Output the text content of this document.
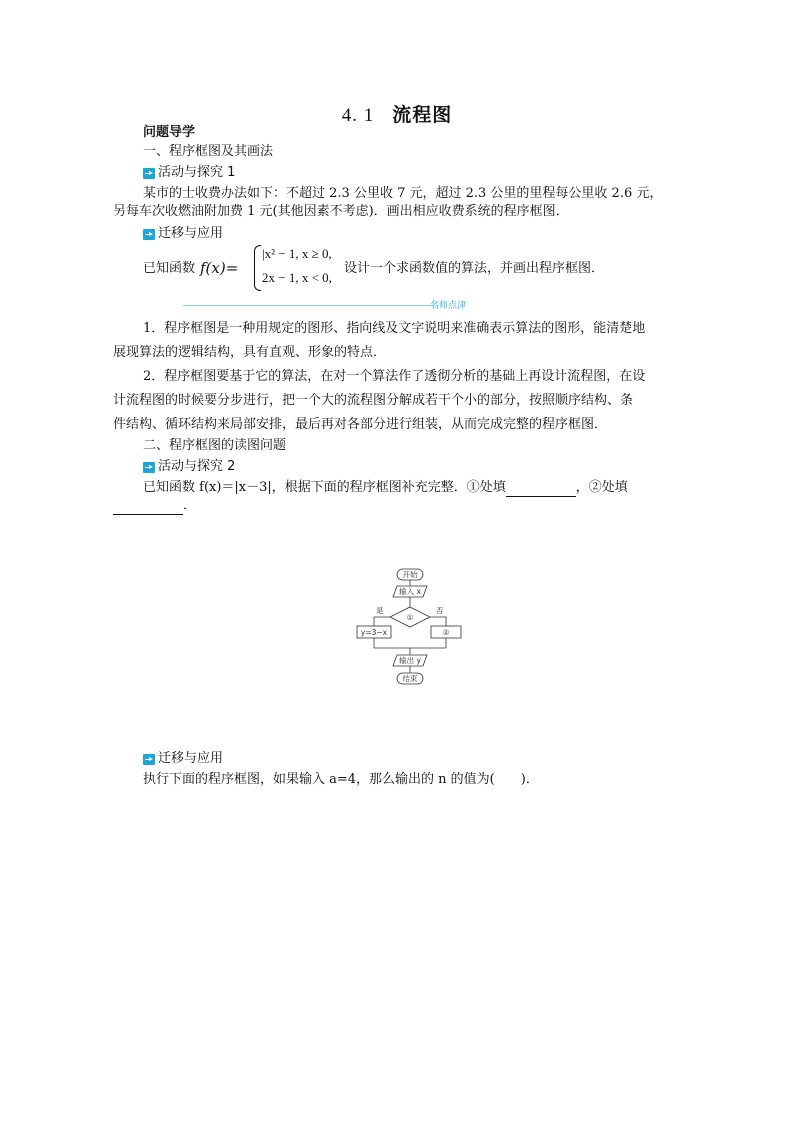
4. 1 流程图
问题导学
一、程序框图及其画法
活动与探究 1
某市的士收费办法如下：不超过 2.3 公里收 7 元，超过 2.3 公里的里程每公里收 2.6 元，
另每车次收燃油附加费 1 元(其他因素不考虑)．画出相应收费系统的程序框图．
迁移与应用
已知函数 f(x)=
|x² − 1, x ≥ 0,
2x − 1, x < 0,
设计一个求函数值的算法，并画出程序框图．
名师点津
1．程序框图是一种用规定的图形、指向线及文字说明来准确表示算法的图形，能清楚地
展现算法的逻辑结构，具有直观、形象的特点．
2．程序框图要基于它的算法，在对一个算法作了透彻分析的基础上再设计流程图，在设
计流程图的时候要分步进行，把一个大的流程图分解成若干个小的部分，按照顺序结构、条
件结构、循环结构来局部安排，最后再对各部分进行组装，从而完成完整的程序框图．
二、程序框图的读图问题
活动与探究 2
已知函数 f(x)＝|x－3|，根据下面的程序框图补充完整．①处填	，②处填
．
开始
输入 x
①
是	否
y=3−x	②
输出 y
结束
迁移与应用
执行下面的程序框图，如果输入 a=4，那么输出的 n 的值为(　　)．
